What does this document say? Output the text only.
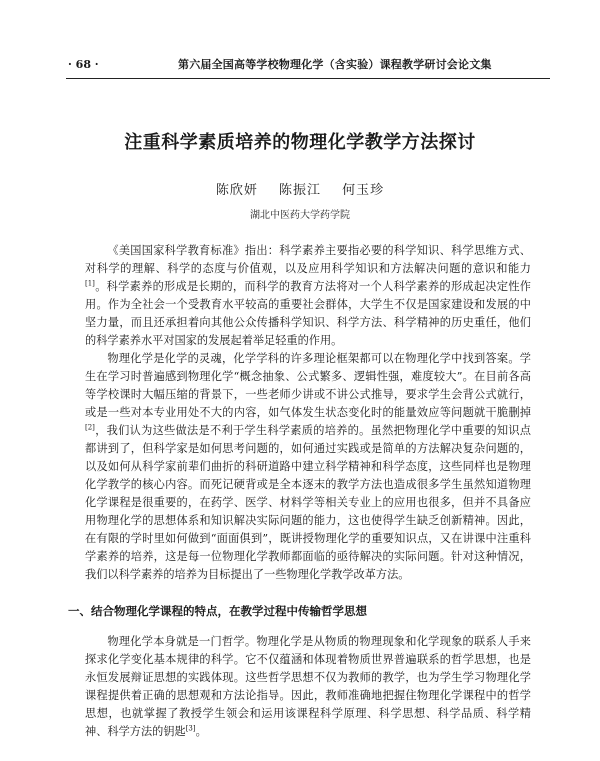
· 68 ·	第六届全国高等学校物理化学（含实验）课程教学研讨会论文集
注重科学素质培养的物理化学教学方法探讨
陈欣妍 陈振江 何玉珍
湖北中医药大学药学院

《美国国家科学教育标准》指出：科学素养主要指必要的科学知识、科学思维方式、对科学的理解、科学的态度与价值观，以及应用科学知识和方法解决问题的意识和能力[1]。科学素养的形成是长期的，而科学的教育方法将对一个人科学素养的形成起决定性作用。作为全社会一个受教育水平较高的重要社会群体，大学生不仅是国家建设和发展的中坚力量，而且还承担着向其他公众传播科学知识、科学方法、科学精神的历史重任，他们的科学素养水平对国家的发展起着举足轻重的作用。

物理化学是化学的灵魂，化学学科的许多理论框架都可以在物理化学中找到答案。学生在学习时普遍感到物理化学“概念抽象、公式繁多、逻辑性强，难度较大”。在目前各高等学校课时大幅压缩的背景下，一些老师少讲或不讲公式推导，要求学生会背公式就行，或是一些对本专业用处不大的内容，如气体发生状态变化时的能量效应等问题就干脆删掉[2]，我们认为这些做法是不利于学生科学素质的培养的。虽然把物理化学中重要的知识点都讲到了，但科学家是如何思考问题的，如何通过实践或是简单的方法解决复杂问题的，以及如何从科学家前辈们曲折的科研道路中建立科学精神和科学态度，这些同样也是物理化学教学的核心内容。而死记硬背或是全本逐末的教学方法也造成很多学生虽然知道物理化学课程是很重要的，在药学、医学、材料学等相关专业上的应用也很多，但并不具备应用物理化学的思想体系和知识解决实际问题的能力，这也使得学生缺乏创新精神。因此，在有限的学时里如何做到“面面俱到”，既讲授物理化学的重要知识点，又在讲课中注重科学素养的培养，这是每一位物理化学教师都面临的亟待解决的实际问题。针对这种情况，我们以科学素养的培养为目标提出了一些物理化学教学改革方法。

一、结合物理化学课程的特点，在教学过程中传输哲学思想

物理化学本身就是一门哲学。物理化学是从物质的物理现象和化学现象的联系人手来探求化学变化基本规律的科学。它不仅蕴涵和体现着物质世界普遍联系的哲学思想，也是永恒发展辩证思想的实践体现。这些哲学思想不仅为教师的教学，也为学生学习物理化学课程提供着正确的思想观和方法论指导。因此，教师准确地把握住物理化学课程中的哲学思想，也就掌握了教授学生领会和运用该课程科学原理、科学思想、科学品质、科学精神、科学方法的钥匙[3]。
